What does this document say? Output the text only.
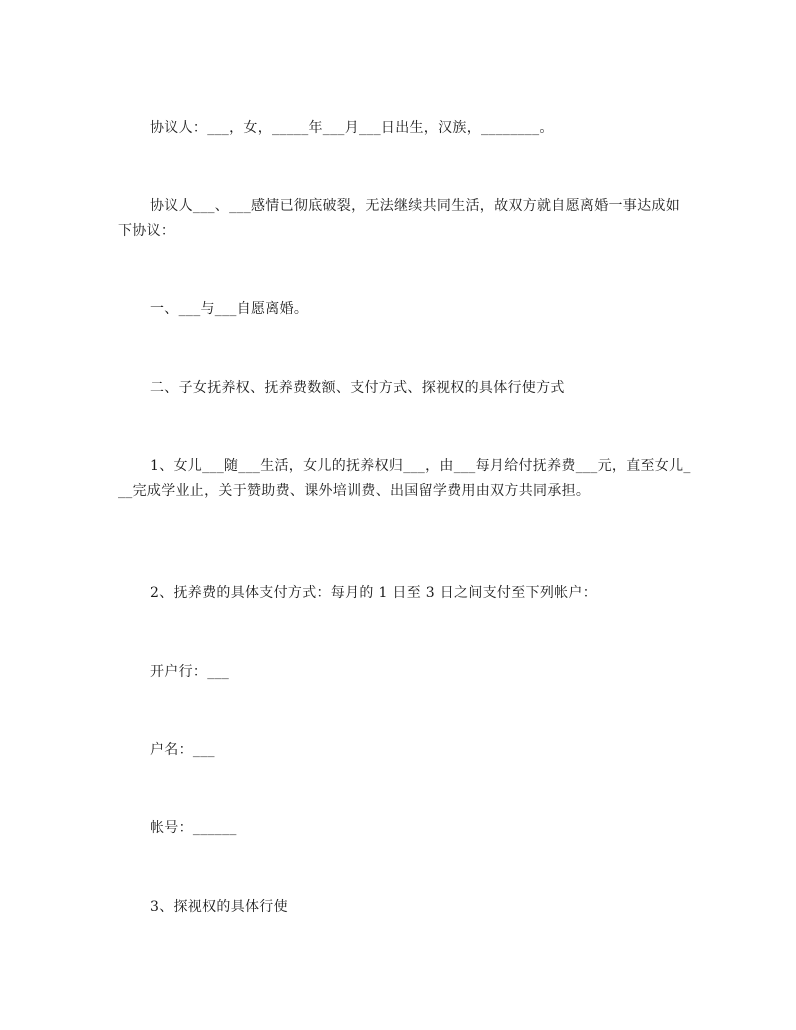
协议人：___，女，_____年___月___日出生，汉族，________。

协议人___、___感情已彻底破裂，无法继续共同生活，故双方就自愿离婚一事达成如下协议：

一、___与___自愿离婚。

二、子女抚养权、抚养费数额、支付方式、探视权的具体行使方式

1、女儿___随___生活，女儿的抚养权归___，由___每月给付抚养费___元，直至女儿___完成学业止，关于赞助费、课外培训费、出国留学费用由双方共同承担。

2、抚养费的具体支付方式：每月的 1 日至 3 日之间支付至下列帐户：

开户行：___

户名：___

帐号：______

3、探视权的具体行使
